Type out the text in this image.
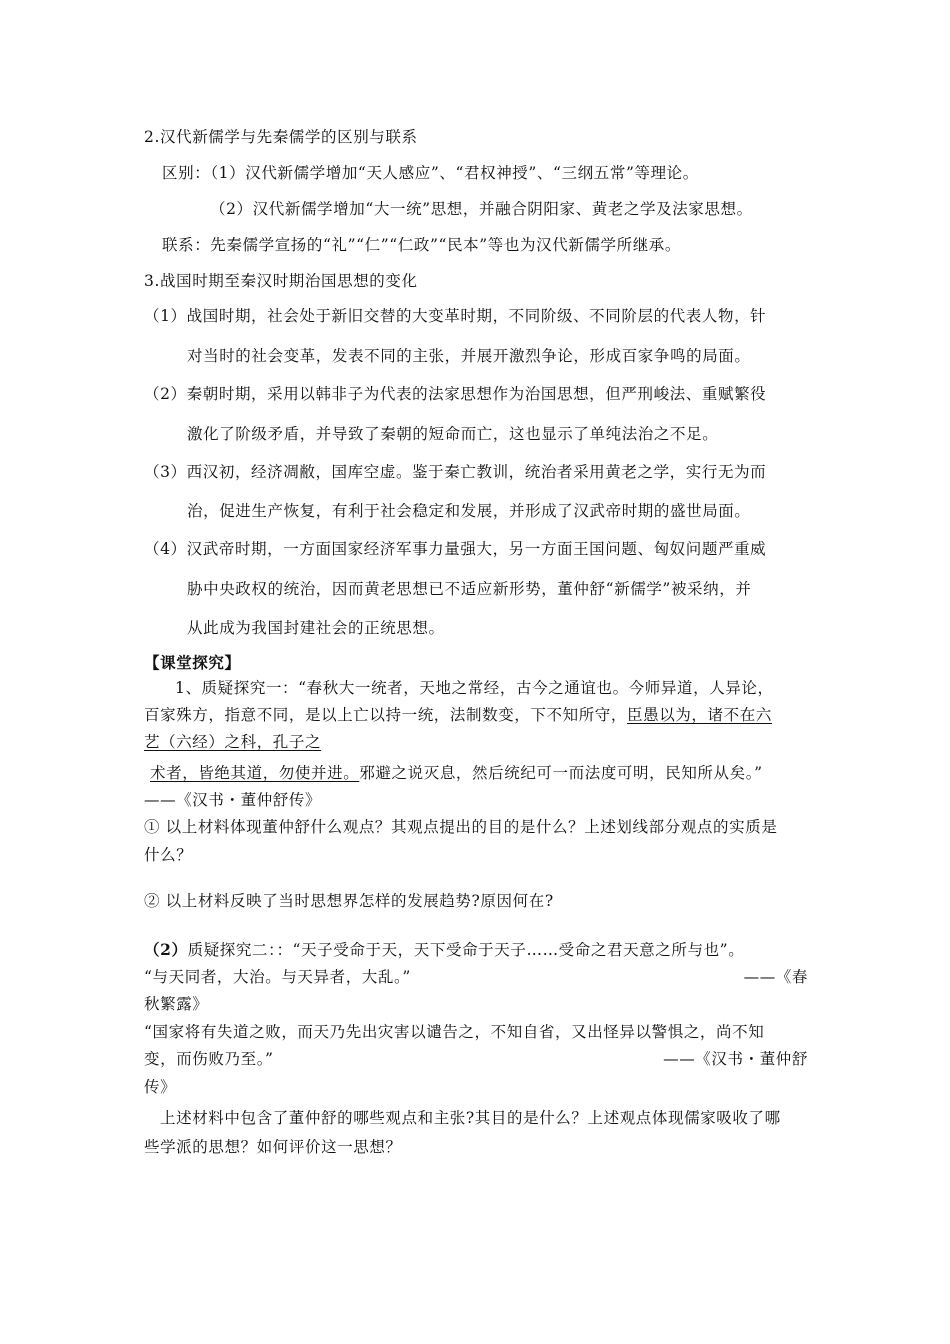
2.汉代新儒学与先秦儒学的区别与联系
区别：（1）汉代新儒学增加“天人感应”、“君权神授”、“三纲五常”等理论。
（2）汉代新儒学增加“大一统”思想，并融合阴阳家、黄老之学及法家思想。
联系：先秦儒学宣扬的“礼”“仁”“仁政”“民本”等也为汉代新儒学所继承。
3.战国时期至秦汉时期治国思想的变化
（1）战国时期，社会处于新旧交替的大变革时期，不同阶级、不同阶层的代表人物，针
对当时的社会变革，发表不同的主张，并展开激烈争论，形成百家争鸣的局面。
（2）秦朝时期，采用以韩非子为代表的法家思想作为治国思想，但严刑峻法、重赋繁役
激化了阶级矛盾，并导致了秦朝的短命而亡，这也显示了单纯法治之不足。
（3）西汉初，经济凋敝，国库空虚。鉴于秦亡教训，统治者采用黄老之学，实行无为而
治，促进生产恢复，有利于社会稳定和发展，并形成了汉武帝时期的盛世局面。
（4）汉武帝时期，一方面国家经济军事力量强大，另一方面王国问题、匈奴问题严重威
胁中央政权的统治，因而黄老思想已不适应新形势，董仲舒“新儒学”被采纳，并
从此成为我国封建社会的正统思想。
【课堂探究】
1、质疑探究一：“春秋大一统者，天地之常经，古今之通谊也。今师异道，人异论，
百家殊方，指意不同，是以上亡以持一统，法制数变，下不知所守，臣愚以为，诸不在六
艺（六经）之科，孔子之
术者，皆绝其道，勿使并进。邪避之说灭息，然后统纪可一而法度可明，民知所从矣。”
——《汉书・董仲舒传》
① 以上材料体现董仲舒什么观点？其观点提出的目的是什么？上述划线部分观点的实质是
什么？
② 以上材料反映了当时思想界怎样的发展趋势?原因何在?
（2）质疑探究二：：“天子受命于天，天下受命于天子……受命之君天意之所与也”。
“与天同者，大治。与天异者，大乱。”	——《春
秋繁露》
“国家将有失道之败，而天乃先出灾害以谴告之，不知自省，又出怪异以警惧之，尚不知
变，而伤败乃至。”	——《汉书・董仲舒
传》
上述材料中包含了董仲舒的哪些观点和主张?其目的是什么？上述观点体现儒家吸收了哪
些学派的思想？如何评价这一思想？
